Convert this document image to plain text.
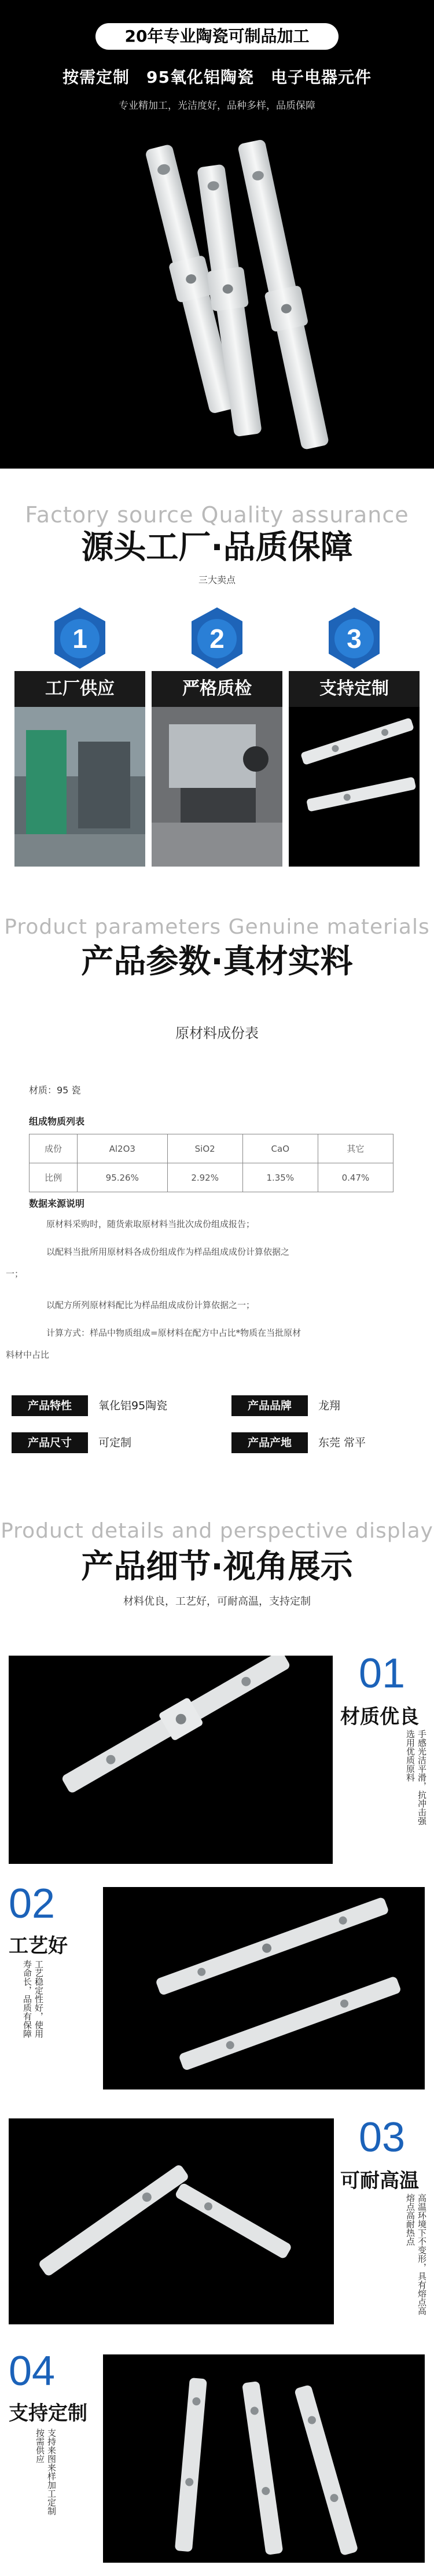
20年专业陶瓷可制品加工
按需定制　95氧化铝陶瓷　电子电器元件
专业精加工，光洁度好，品种多样，品质保障
Factory source Quality assurance
源头工厂·品质保障
三大卖点
1
工厂供应
2
严格质检
3
支持定制
Product parameters Genuine materials
产品参数·真材实料
原材料成份表
材质：95 瓷
组成物质列表
成份	Al2O3	SiO2	CaO	其它
比例	95.26%	2.92%	1.35%	0.47%
数据来源说明
原材料采购时，随货索取原材料当批次成份组成报告；
以配料当批所用原材料各成份组成作为样品组成成份计算依据之
一；
以配方所列原材料配比为样品组成成份计算依据之一；
计算方式：样品中物质组成=原材料在配方中占比*物质在当批原材
料材中占比
产品特性	氧化铝95陶瓷	产品品牌	龙翔
产品尺寸	可定制	产品产地	东莞 常平
Product details and perspective display
产品细节·视角展示
材料优良，工艺好，可耐高温，支持定制
01
材质优良
选用优质原料 手感光洁平滑，抗冲击强
02
工艺好
寿命长，品质有保障 工艺稳定性好，使用
03
可耐高温
熔点高耐热点 高温环境下不变形，具有熔点高
04
支持定制
按需供应 支持来图来样加工定制
